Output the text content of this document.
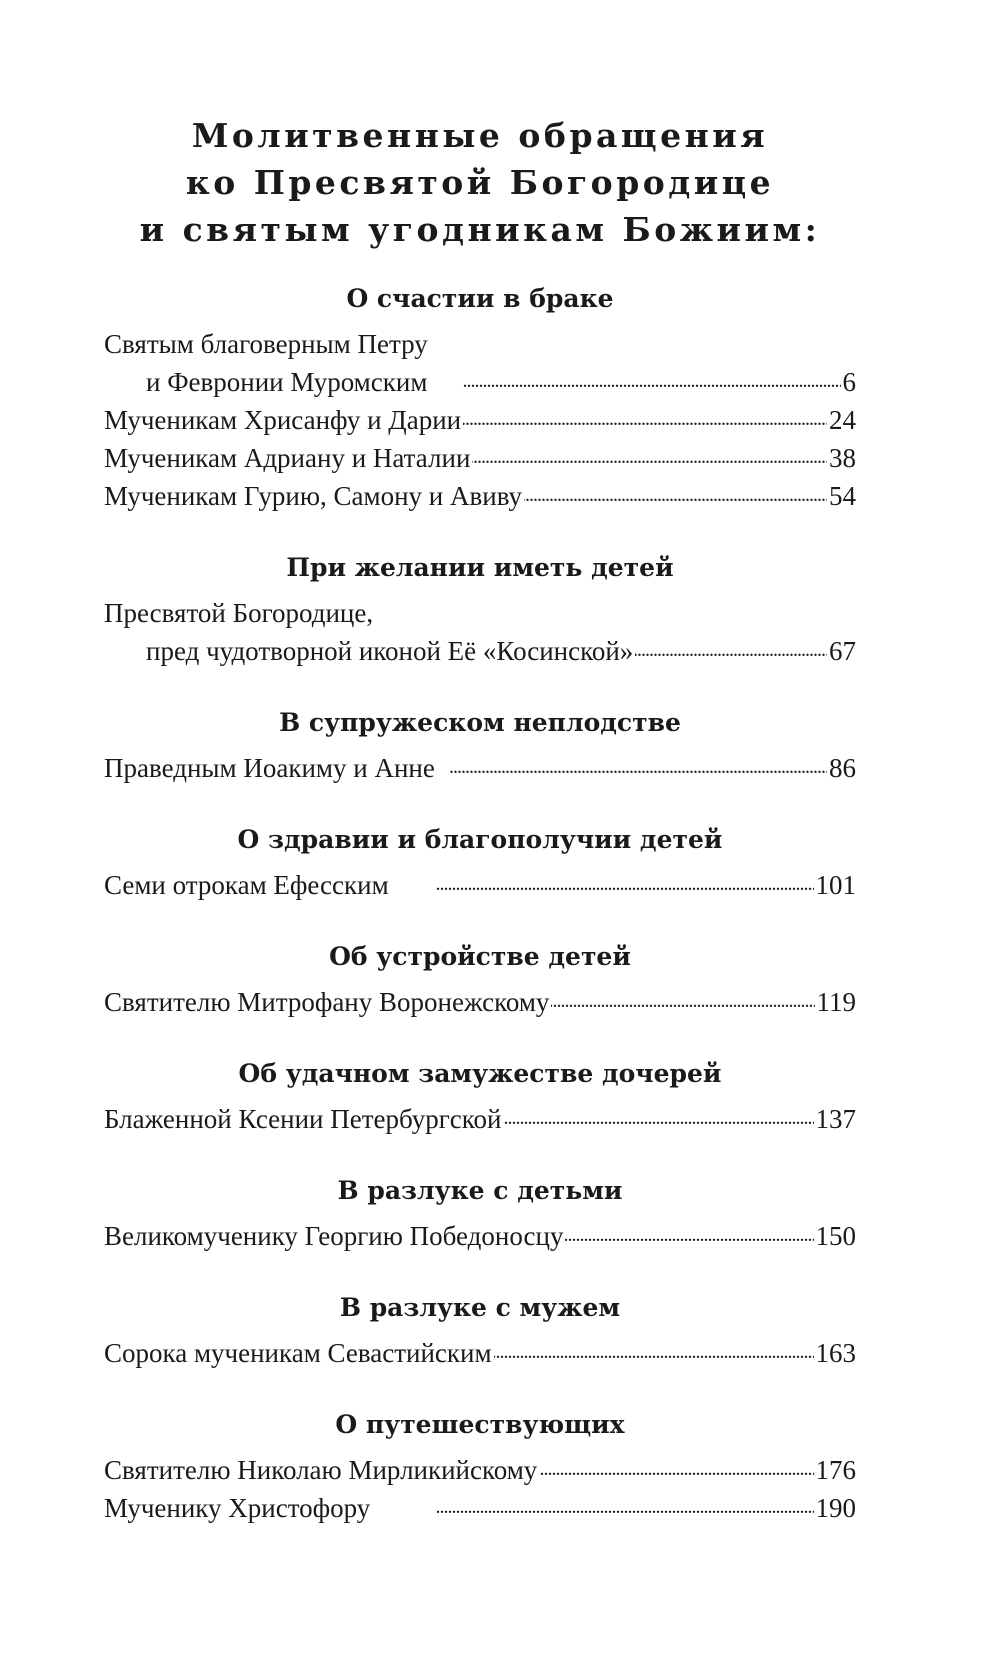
Молитвенные обращения
ко Пресвятой Богородице
и святым угодникам Божиим:
О счастии в браке
Святым благоверным Петру
и Февронии Муромским . . .	6
Мученикам Хрисанфу и Дарии . . .	24
Мученикам Адриану и Наталии . . .	38
Мученикам Гурию, Самону и Авиву . . .	54
При желании иметь детей
Пресвятой Богородице,
пред чудотворной иконой Её «Косинской» . . .	67
В супружеском неплодстве
Праведным Иоакиму и Анне . . .	86
О здравии и благополучии детей
Семи отрокам Ефесским . . .	101
Об устройстве детей
Святителю Митрофану Воронежскому . . .	119
Об удачном замужестве дочерей
Блаженной Ксении Петербургской . . .	137
В разлуке с детьми
Великомученику Георгию Победоносцу . . .	150
В разлуке с мужем
Сорока мученикам Севастийским . . .	163
О путешествующих
Святителю Николаю Мирликийскому . . .	176
Мученику Христофору . . .	190
